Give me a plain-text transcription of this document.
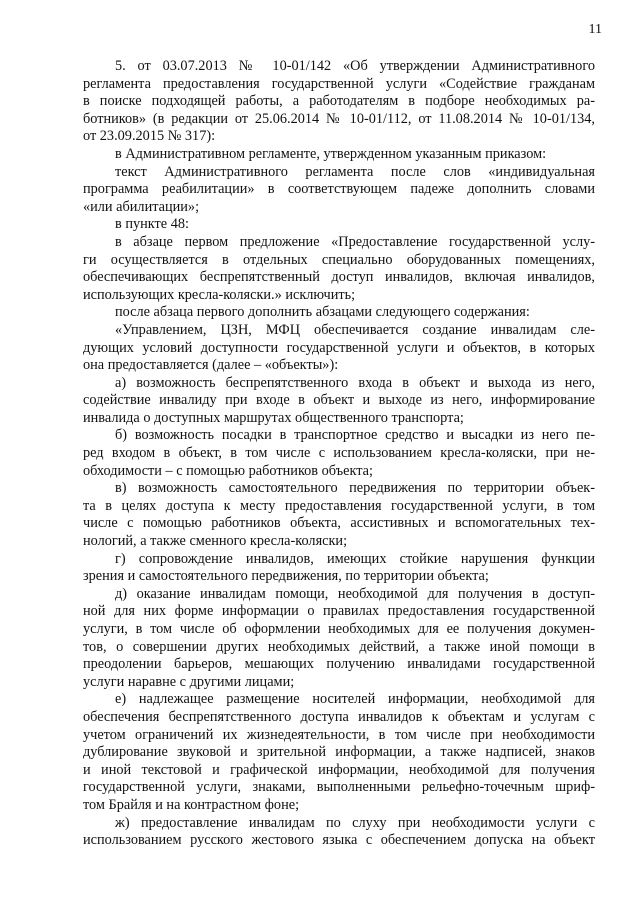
11
5. от 03.07.2013 № 10-01/142 «Об утверждении Административного
регламента предоставления государственной услуги «Содействие гражданам
в поиске подходящей работы, а работодателям в подборе необходимых ра-
ботников» (в редакции от 25.06.2014 № 10-01/112, от 11.08.2014 № 10-01/134,
от 23.09.2015 № 317):
в Административном регламенте, утвержденном указанным приказом:
текст Административного регламента после слов «индивидуальная
программа реабилитации» в соответствующем падеже дополнить словами
«или абилитации»;
в пункте 48:
в абзаце первом предложение «Предоставление государственной услу-
ги осуществляется в отдельных специально оборудованных помещениях,
обеспечивающих беспрепятственный доступ инвалидов, включая инвалидов,
использующих кресла-коляски.» исключить;
после абзаца первого дополнить абзацами следующего содержания:
«Управлением, ЦЗН, МФЦ обеспечивается создание инвалидам сле-
дующих условий доступности государственной услуги и объектов, в которых
она предоставляется (далее – «объекты»):
а) возможность беспрепятственного входа в объект и выхода из него,
содействие инвалиду при входе в объект и выходе из него, информирование
инвалида о доступных маршрутах общественного транспорта;
б) возможность посадки в транспортное средство и высадки из него пе-
ред входом в объект, в том числе с использованием кресла-коляски, при не-
обходимости – с помощью работников объекта;
в) возможность самостоятельного передвижения по территории объек-
та в целях доступа к месту предоставления государственной услуги, в том
числе с помощью работников объекта, ассистивных и вспомогательных тех-
нологий, а также сменного кресла-коляски;
г) сопровождение инвалидов, имеющих стойкие нарушения функции
зрения и самостоятельного передвижения, по территории объекта;
д) оказание инвалидам помощи, необходимой для получения в доступ-
ной для них форме информации о правилах предоставления государственной
услуги, в том числе об оформлении необходимых для ее получения докумен-
тов, о совершении других необходимых действий, а также иной помощи в
преодолении барьеров, мешающих получению инвалидами государственной
услуги наравне с другими лицами;
е) надлежащее размещение носителей информации, необходимой для
обеспечения беспрепятственного доступа инвалидов к объектам и услугам с
учетом ограничений их жизнедеятельности, в том числе при необходимости
дублирование звуковой и зрительной информации, а также надписей, знаков
и иной текстовой и графической информации, необходимой для получения
государственной услуги, знаками, выполненными рельефно-точечным шриф-
том Брайля и на контрастном фоне;
ж) предоставление инвалидам по слуху при необходимости услуги с
использованием русского жестового языка с обеспечением допуска на объект
